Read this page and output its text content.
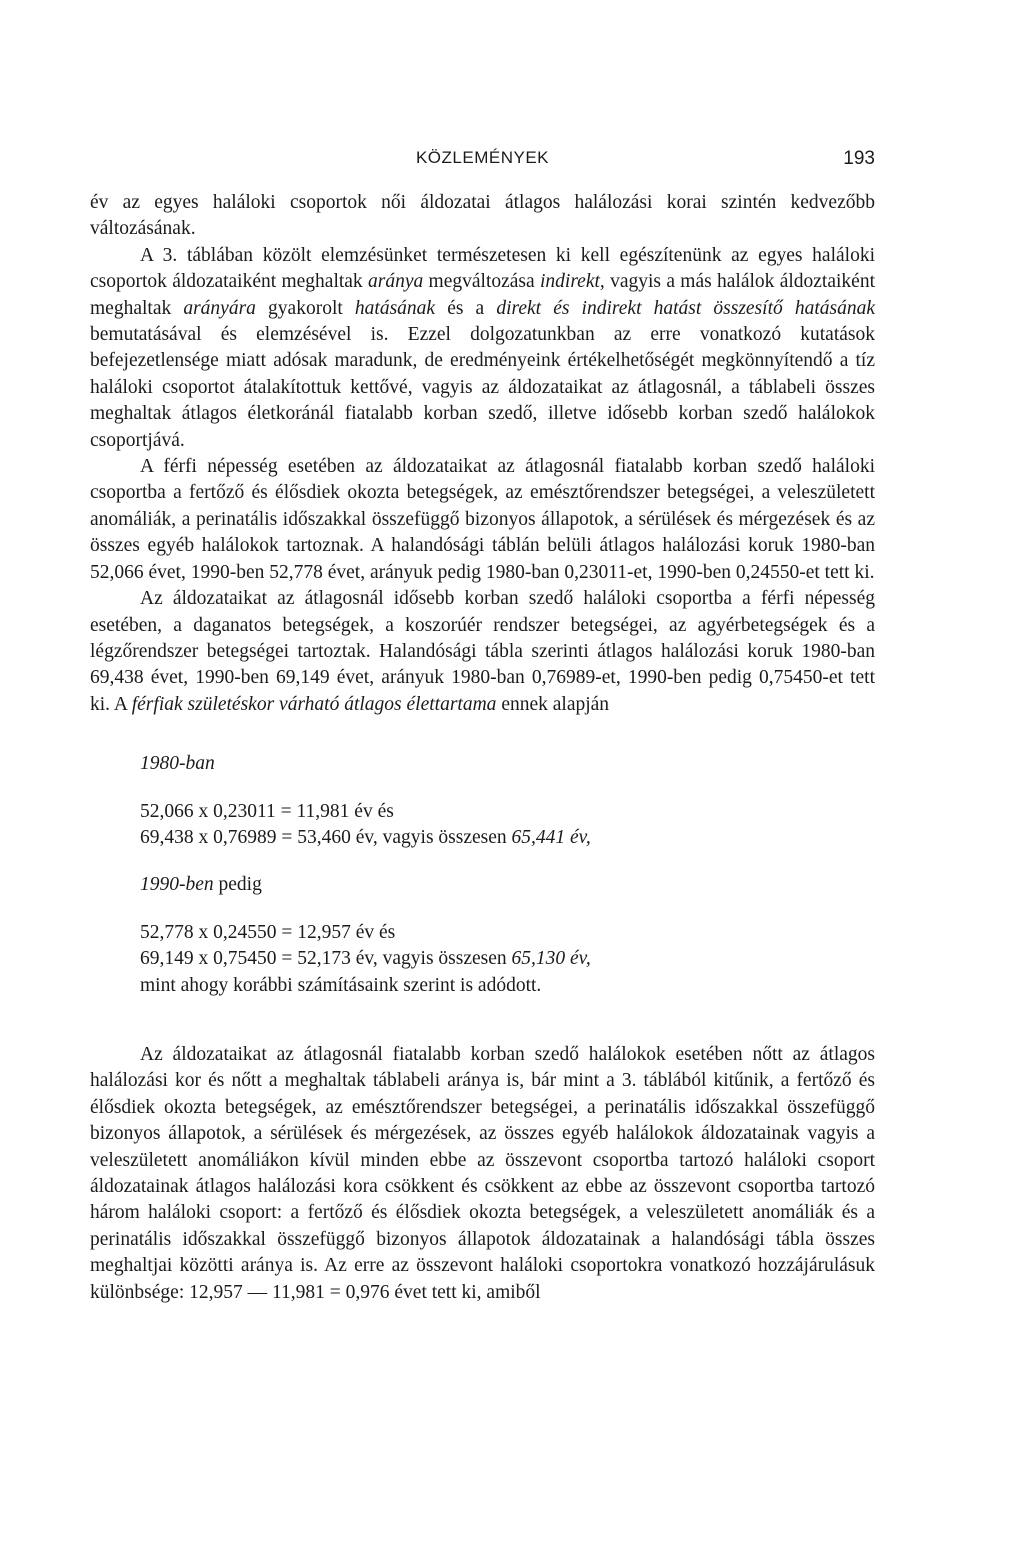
KÖZLEMÉNYEK	193

év az egyes haláloki csoportok női áldozatai átlagos halálozási korai szintén kedvezőbb változásának.

A 3. táblában közölt elemzésünket természetesen ki kell egészítenünk az egyes haláloki csoportok áldozataiként meghaltak aránya megváltozása indirekt, vagyis a más halálok áldoztaiként meghaltak arányára gyakorolt hatásának és a direkt és indirekt hatást összesítő hatásának bemutatásával és elemzésével is. Ezzel dolgozatunkban az erre vonatkozó kutatások befejezetlensége miatt adósak maradunk, de eredményeink értékelhetőségét megkönnyítendő a tíz haláloki csoportot átalakítottuk kettővé, vagyis az áldozataikat az átlagosnál, a táblabeli összes meghaltak átlagos életkoránál fiatalabb korban szedő, illetve idősebb korban szedő halálokok csoportjává.

A férfi népesség esetében az áldozataikat az átlagosnál fiatalabb korban szedő haláloki csoportba a fertőző és élősdiek okozta betegségek, az emésztőrendszer betegségei, a veleszületett anomáliák, a perinatális időszakkal összefüggő bizonyos állapotok, a sérülések és mérgezések és az összes egyéb halálokok tartoznak. A halandósági táblán belüli átlagos halálozási koruk 1980-ban 52,066 évet, 1990-ben 52,778 évet, arányuk pedig 1980-ban 0,23011-et, 1990-ben 0,24550-et tett ki.

Az áldozataikat az átlagosnál idősebb korban szedő haláloki csoportba a férfi népesség esetében, a daganatos betegségek, a koszorúér rendszer betegségei, az agyérbetegségek és a légzőrendszer betegségei tartoztak. Halandósági tábla szerinti átlagos halálozási koruk 1980-ban 69,438 évet, 1990-ben 69,149 évet, arányuk 1980-ban 0,76989-et, 1990-ben pedig 0,75450-et tett ki. A férfiak születéskor várható átlagos élettartama ennek alapján

1980-ban

52,066 x 0,23011 = 11,981 év és

69,438 x 0,76989 = 53,460 év, vagyis összesen 65,441 év,

1990-ben pedig

52,778 x 0,24550 = 12,957 év és

69,149 x 0,75450 = 52,173 év, vagyis összesen 65,130 év,

mint ahogy korábbi számításaink szerint is adódott.

Az áldozataikat az átlagosnál fiatalabb korban szedő halálokok esetében nőtt az átlagos halálozási kor és nőtt a meghaltak táblabeli aránya is, bár mint a 3. táblából kitűnik, a fertőző és élősdiek okozta betegségek, az emésztőrendszer betegségei, a perinatális időszakkal összefüggő bizonyos állapotok, a sérülések és mérgezések, az összes egyéb halálokok áldozatainak vagyis a veleszületett anomáliákon kívül minden ebbe az összevont csoportba tartozó haláloki csoport áldozatainak átlagos halálozási kora csökkent és csökkent az ebbe az összevont csoportba tartozó három haláloki csoport: a fertőző és élősdiek okozta betegségek, a veleszületett anomáliák és a perinatális időszakkal összefüggő bizonyos állapotok áldozatainak a halandósági tábla összes meghaltjai közötti aránya is. Az erre az összevont haláloki csoportokra vonatkozó hozzájárulásuk különbsége: 12,957 — 11,981 = 0,976 évet tett ki, amiből
